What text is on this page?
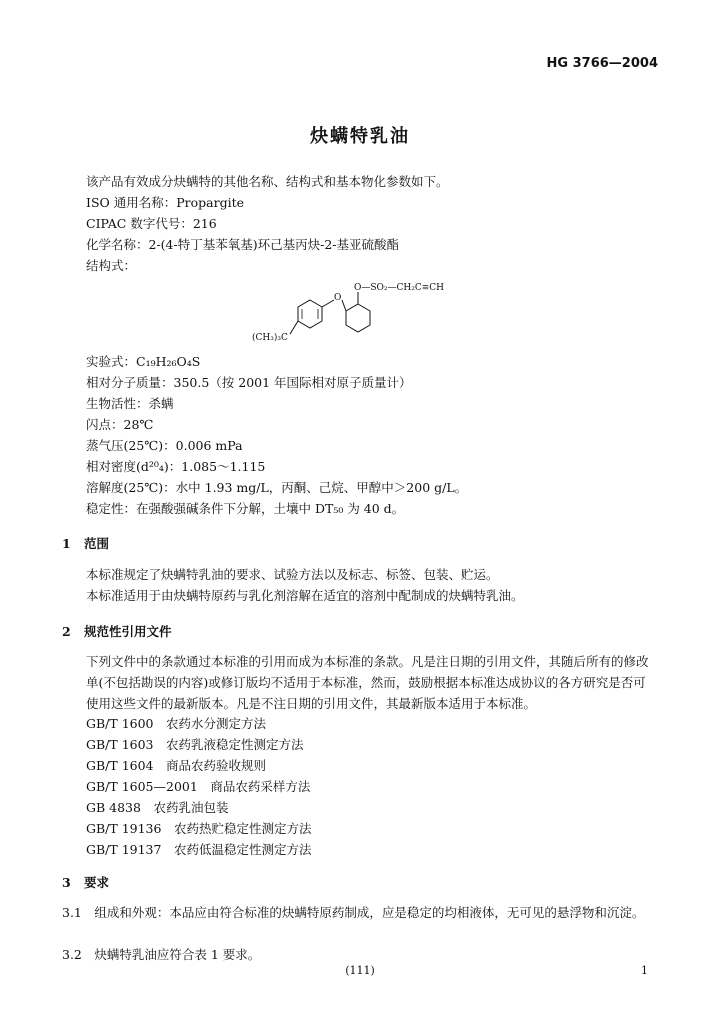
HG 3766—2004
炔螨特乳油
该产品有效成分炔螨特的其他名称、结构式和基本物化参数如下。
ISO 通用名称：Propargite
CIPAC 数字代号：216
化学名称：2-(4-特丁基苯氧基)环己基丙炔-2-基亚硫酸酯
结构式：
O
O—SO₂—CH₂C≡CH
(CH₃)₃C
实验式：C₁₉H₂₆O₄S
相对分子质量：350.5（按 2001 年国际相对原子质量计）
生物活性：杀螨
闪点：28℃
蒸气压(25℃)：0.006 mPa
相对密度(d²⁰₄)：1.085～1.115
溶解度(25℃)：水中 1.93 mg/L，丙酮、己烷、甲醇中＞200 g/L。
稳定性：在强酸强碱条件下分解，土壤中 DT₅₀ 为 40 d。
1 范围
本标准规定了炔螨特乳油的要求、试验方法以及标志、标签、包装、贮运。
本标准适用于由炔螨特原药与乳化剂溶解在适宜的溶剂中配制成的炔螨特乳油。
2 规范性引用文件
下列文件中的条款通过本标准的引用而成为本标准的条款。凡是注日期的引用文件，其随后所有的修改单(不包括勘误的内容)或修订版均不适用于本标准，然而，鼓励根据本标准达成协议的各方研究是否可使用这些文件的最新版本。凡是不注日期的引用文件，其最新版本适用于本标准。
GB/T 1600　农药水分测定方法
GB/T 1603　农药乳液稳定性测定方法
GB/T 1604　商品农药验收规则
GB/T 1605—2001　商品农药采样方法
GB 4838　农药乳油包装
GB/T 19136　农药热贮稳定性测定方法
GB/T 19137　农药低温稳定性测定方法
3 要求
3.1　组成和外观：本品应由符合标准的炔螨特原药制成，应是稳定的均相液体，无可见的悬浮物和沉淀。
3.2　炔螨特乳油应符合表 1 要求。
(111)	1
